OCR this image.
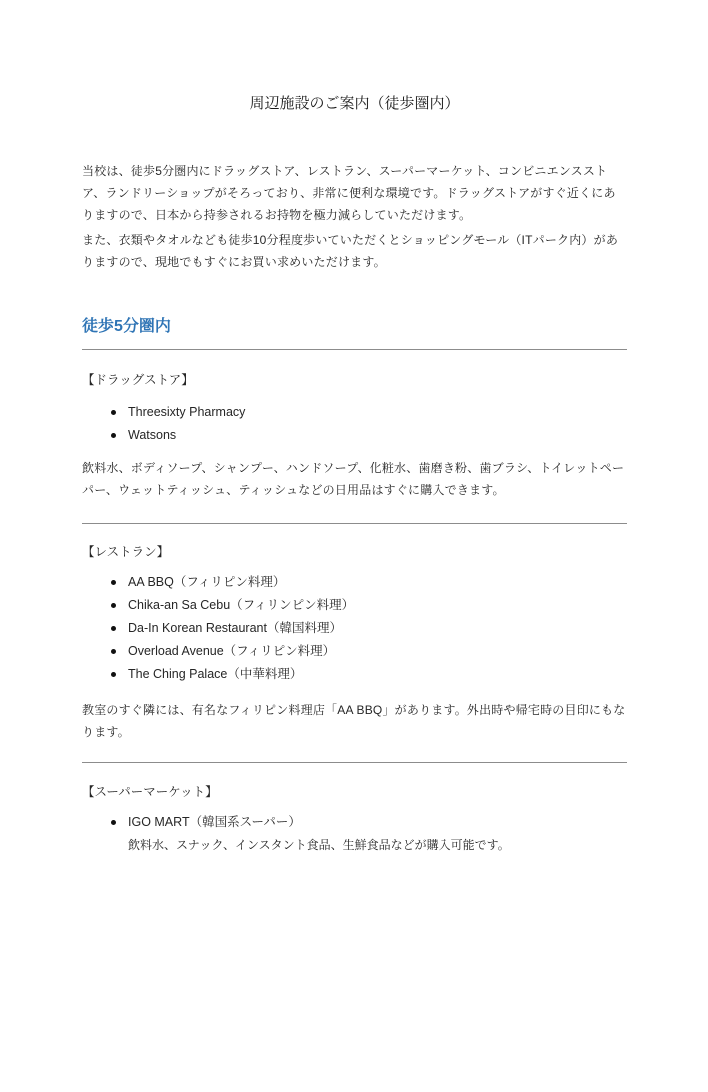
周辺施設のご案内（徒歩圏内）

当校は、徒歩5分圏内にドラッグストア、レストラン、スーパーマーケット、コンビニエンスストア、ランドリーショップがそろっており、非常に便利な環境です。ドラッグストアがすぐ近くにありますので、日本から持参されるお持物を極力減らしていただけます。

また、衣類やタオルなども徒歩10分程度歩いていただくとショッピングモール（ITパーク内）がありますので、現地でもすぐにお買い求めいただけます。

徒歩5分圏内
【ドラッグストア】
Threesixty Pharmacy
Watsons

飲料水、ボディソープ、シャンプー、ハンドソープ、化粧水、歯磨き粉、歯ブラシ、トイレットペーパー、ウェットティッシュ、ティッシュなどの日用品はすぐに購入できます。

【レストラン】
AA BBQ（フィリピン料理）
Chika-an Sa Cebu（フィリンピン料理）
Da-In Korean Restaurant（韓国料理）
Overload Avenue（フィリピン料理）
The Ching Palace（中華料理）

教室のすぐ隣には、有名なフィリピン料理店「AA BBQ」があります。外出時や帰宅時の目印にもなります。

【スーパーマーケット】
IGO MART（韓国系スーパー）
飲料水、スナック、インスタント食品、生鮮食品などが購入可能です。
